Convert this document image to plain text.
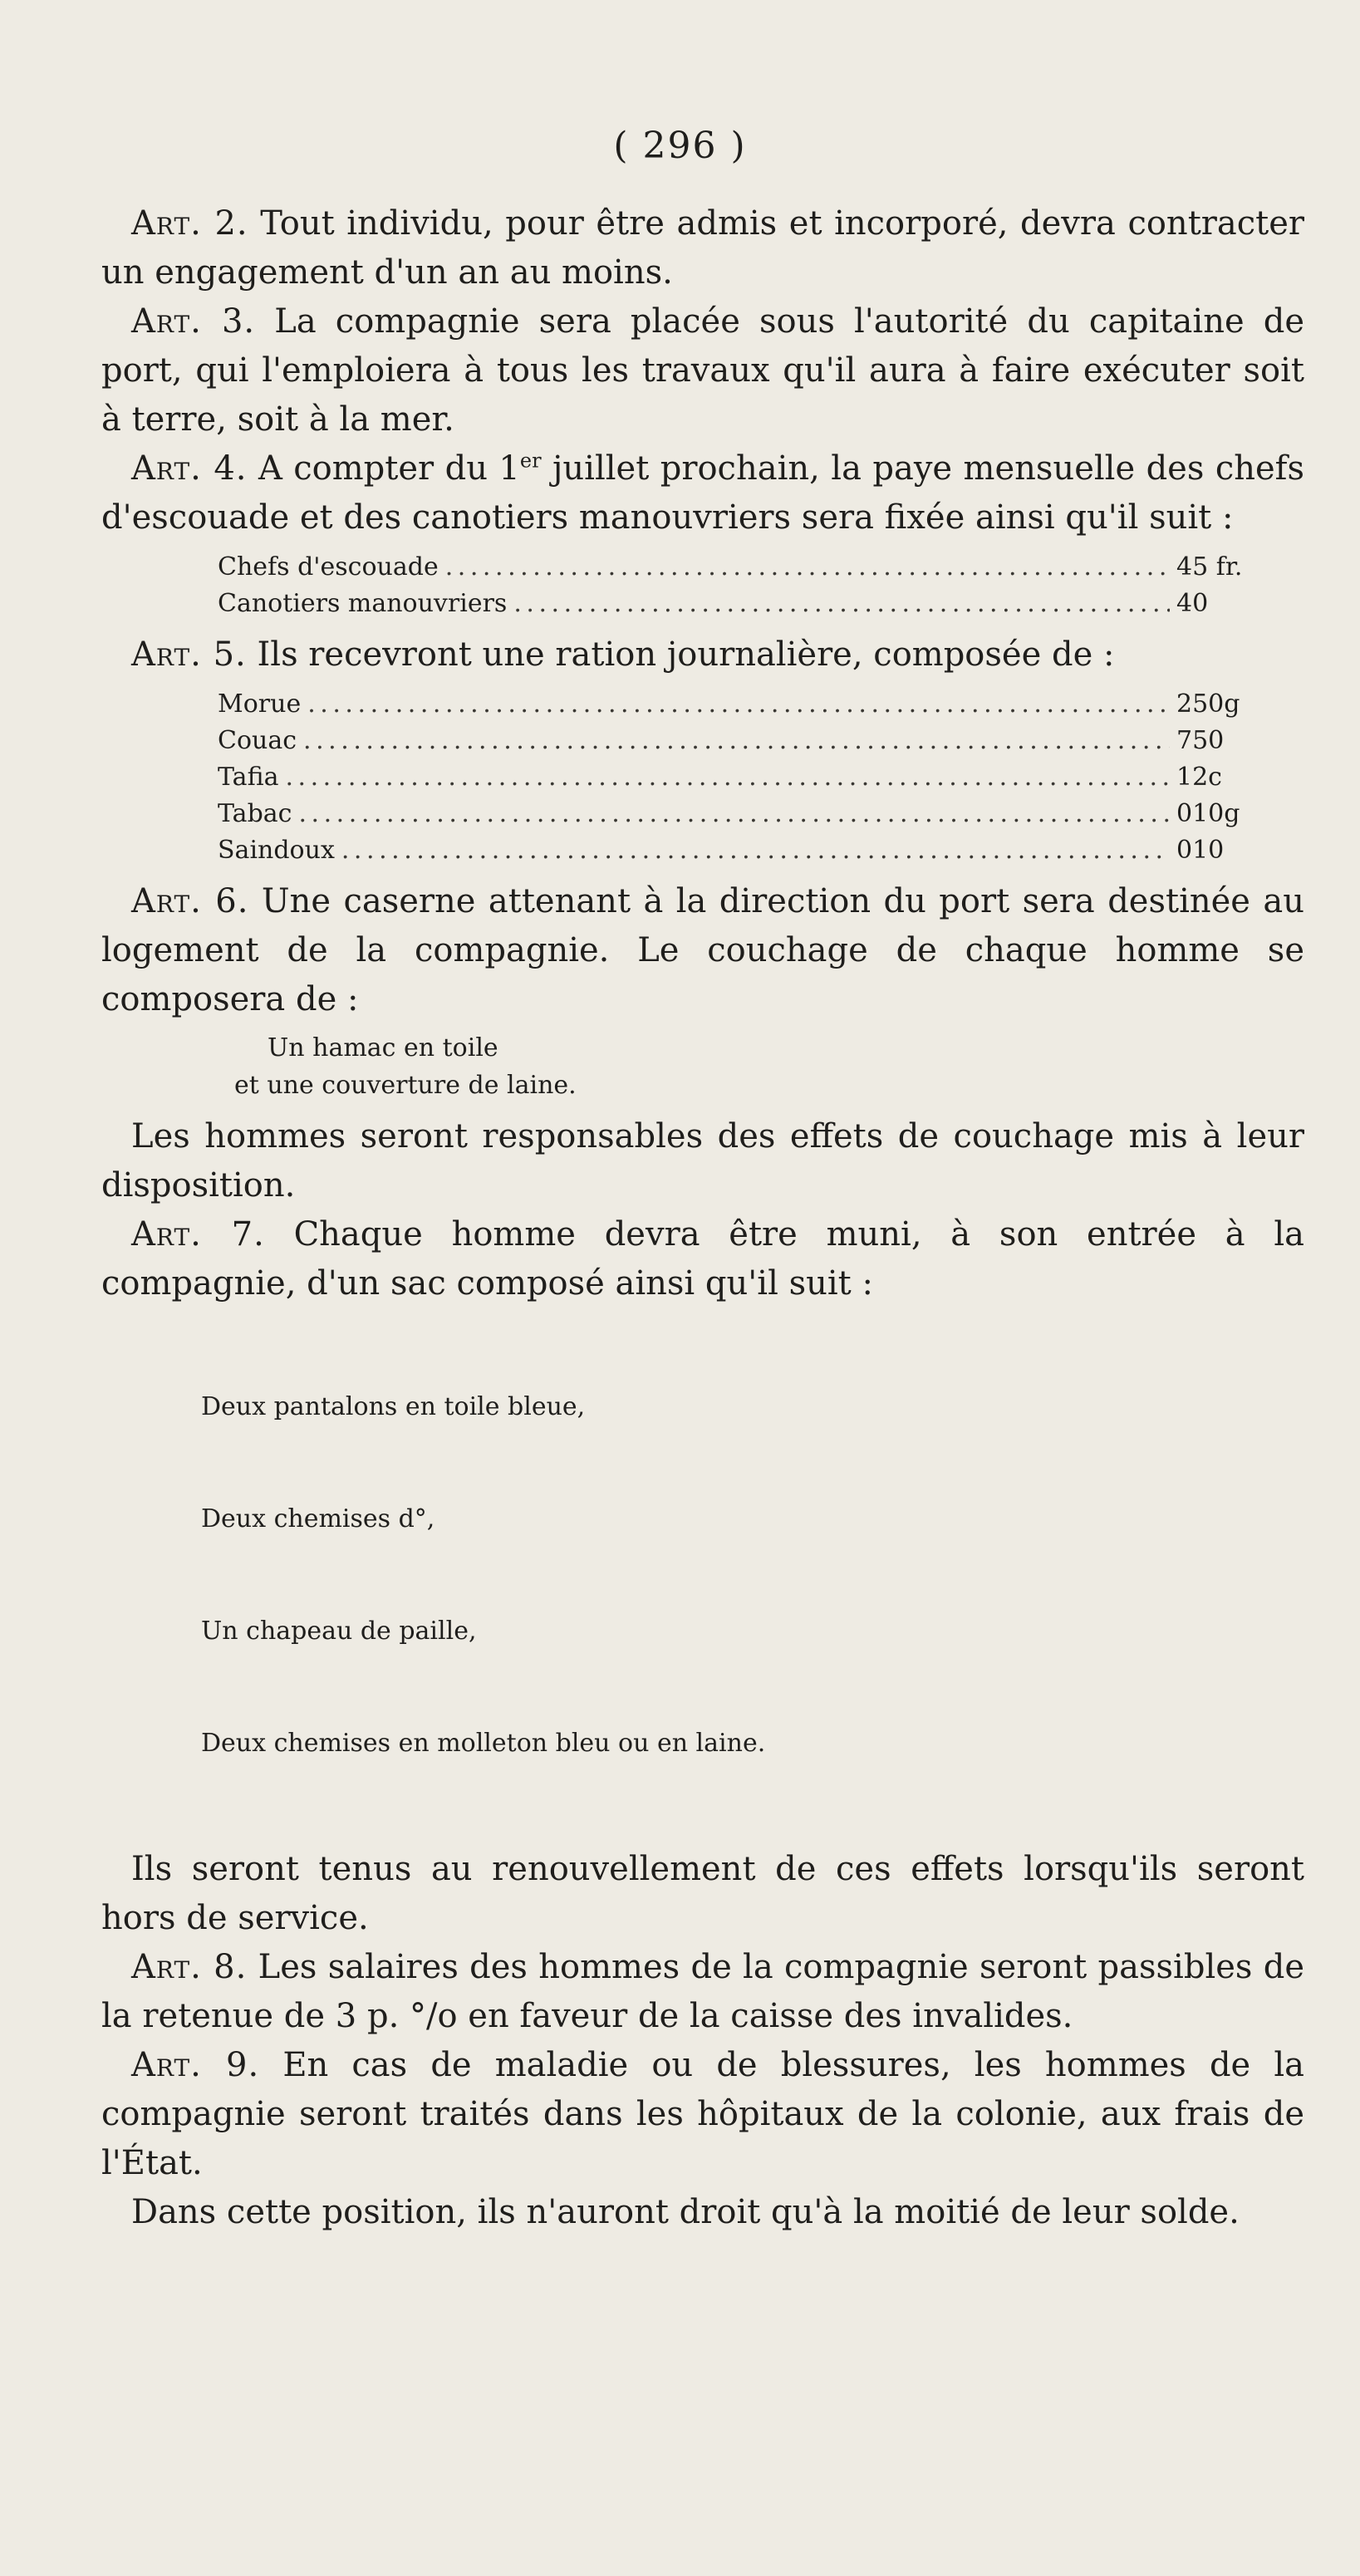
( 296 )

Art. 2. Tout individu, pour être admis et incorporé, devra contracter un engagement d'un an au moins.

Art. 3. La compagnie sera placée sous l'autorité du capitaine de port, qui l'emploiera à tous les travaux qu'il aura à faire exécuter soit à terre, soit à la mer.

Art. 4. A compter du 1er juillet prochain, la paye mensuelle des chefs d'escouade et des canotiers manouvriers sera fixée ainsi qu'il suit :

Chefs d'escouade . . .	45 fr.
Canotiers manouvriers . . .	40

Art. 5. Ils recevront une ration journalière, composée de :

Morue . . .	250g
Couac . . .	750
Tafia . . .	12c
Tabac . . .	010g
Saindoux . . .	010

Art. 6. Une caserne attenant à la direction du port sera destinée au logement de la compagnie. Le couchage de chaque homme se composera de :

Un hamac en toile
et une couverture de laine.

Les hommes seront responsables des effets de couchage mis à leur disposition.

Art. 7. Chaque homme devra être muni, à son entrée à la compagnie, d'un sac composé ainsi qu'il suit :

Deux pantalons en toile bleue,

Deux chemises d°,

Un chapeau de paille,

Deux chemises en molleton bleu ou en laine.

Ils seront tenus au renouvellement de ces effets lorsqu'ils seront hors de service.

Art. 8. Les salaires des hommes de la compagnie seront passibles de la retenue de 3 p. °/o en faveur de la caisse des invalides.

Art. 9. En cas de maladie ou de blessures, les hommes de la compagnie seront traités dans les hôpitaux de la colonie, aux frais de l'État.

Dans cette position, ils n'auront droit qu'à la moitié de leur solde.
